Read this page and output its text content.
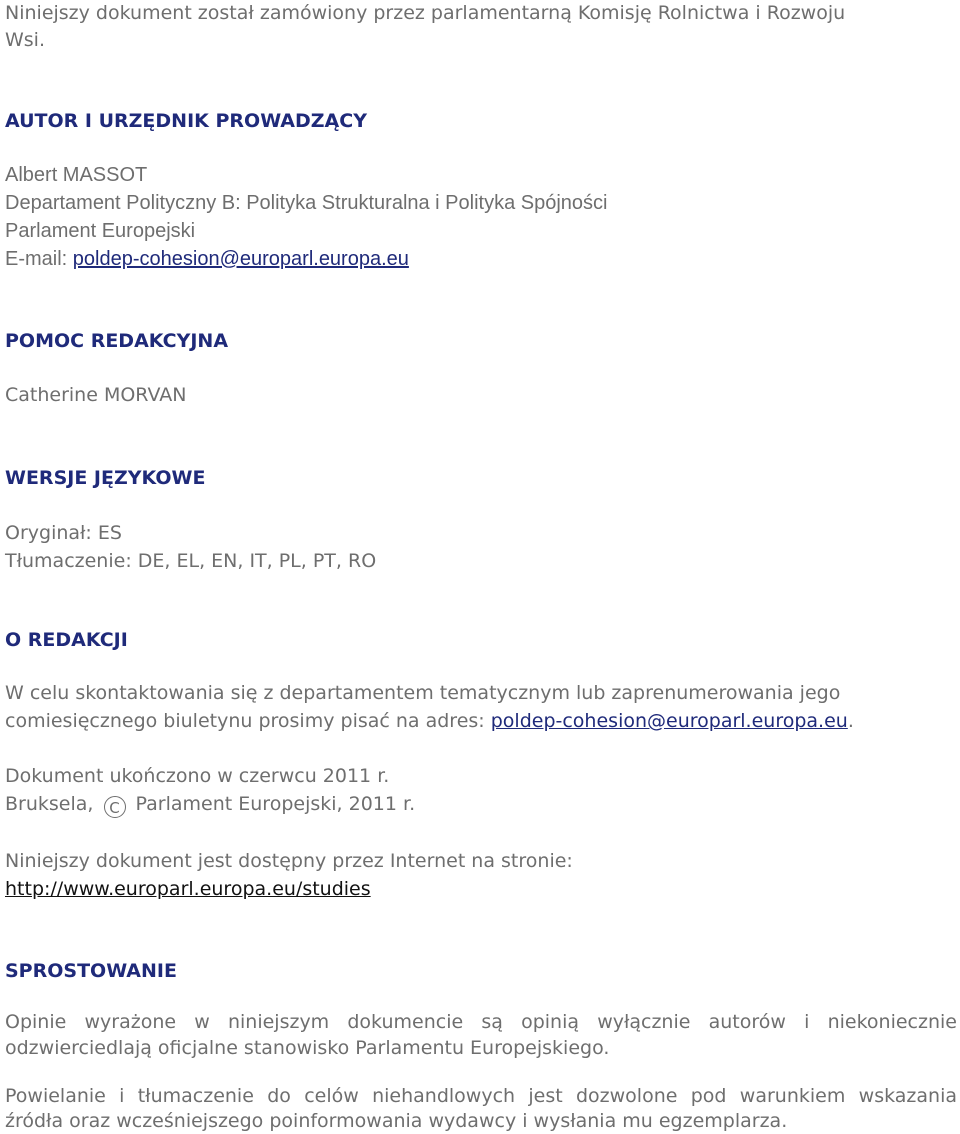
Niniejszy dokument został zamówiony przez parlamentarną Komisję Rolnictwa i Rozwoju
Wsi.
AUTOR I URZĘDNIK PROWADZĄCY
Albert MASSOT
Departament Polityczny B: Polityka Strukturalna i Polityka Spójności
Parlament Europejski
E-mail: poldep-cohesion@europarl.europa.eu
POMOC REDAKCYJNA
Catherine MORVAN
WERSJE JĘZYKOWE
Oryginał: ES
Tłumaczenie: DE, EL, EN, IT, PL, PT, RO
O REDAKCJI
W celu skontaktowania się z departamentem tematycznym lub zaprenumerowania jego
comiesięcznego biuletynu prosimy pisać na adres: poldep-cohesion@europarl.europa.eu.
Dokument ukończono w czerwcu 2011 r.
Bruksela, C Parlament Europejski, 2011 r.
Niniejszy dokument jest dostępny przez Internet na stronie:
http://www.europarl.europa.eu/studies
SPROSTOWANIE
Opinie wyrażone w niniejszym dokumencie są opinią wyłącznie autorów i niekoniecznie
odzwierciedlają oficjalne stanowisko Parlamentu Europejskiego.
Powielanie i tłumaczenie do celów niehandlowych jest dozwolone pod warunkiem wskazania
źródła oraz wcześniejszego poinformowania wydawcy i wysłania mu egzemplarza.
